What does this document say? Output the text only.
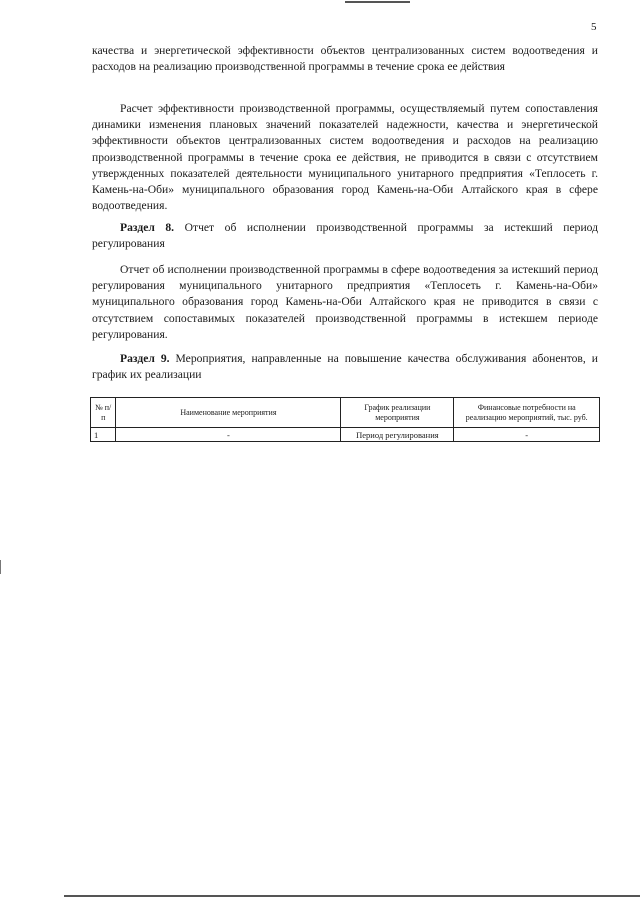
5

качества и энергетической эффективности объектов централизованных систем водоотведения и расходов на реализацию производственной программы в течение срока ее действия

Расчет эффективности производственной программы, осуществляемый путем сопоставления динамики изменения плановых значений показателей надежности, качества и энергетической эффективности объектов централизованных систем водоотведения и расходов на реализацию производственной программы в течение срока ее действия, не приводится в связи с отсутствием утвержденных показателей деятельности муниципального унитарного предприятия «Теплосеть г. Камень-на-Оби» муниципального образования город Камень-на-Оби Алтайского края в сфере водоотведения.

Раздел 8. Отчет об исполнении производственной программы за истекший период регулирования

Отчет об исполнении производственной программы в сфере водоотведения за истекший период регулирования муниципального унитарного предприятия «Теплосеть г. Камень-на-Оби» муниципального образования город Камень-на-Оби Алтайского края не приводится в связи с отсутствием сопоставимых показателей производственной программы в истекшем периоде регулирования.

Раздел 9. Мероприятия, направленные на повышение качества обслуживания абонентов, и график их реализации

№ п/п	Наименование мероприятия	График реализации мероприятия	Финансовые потребности на реализацию мероприятий, тыс. руб.
1	-	Период регулирования	-
